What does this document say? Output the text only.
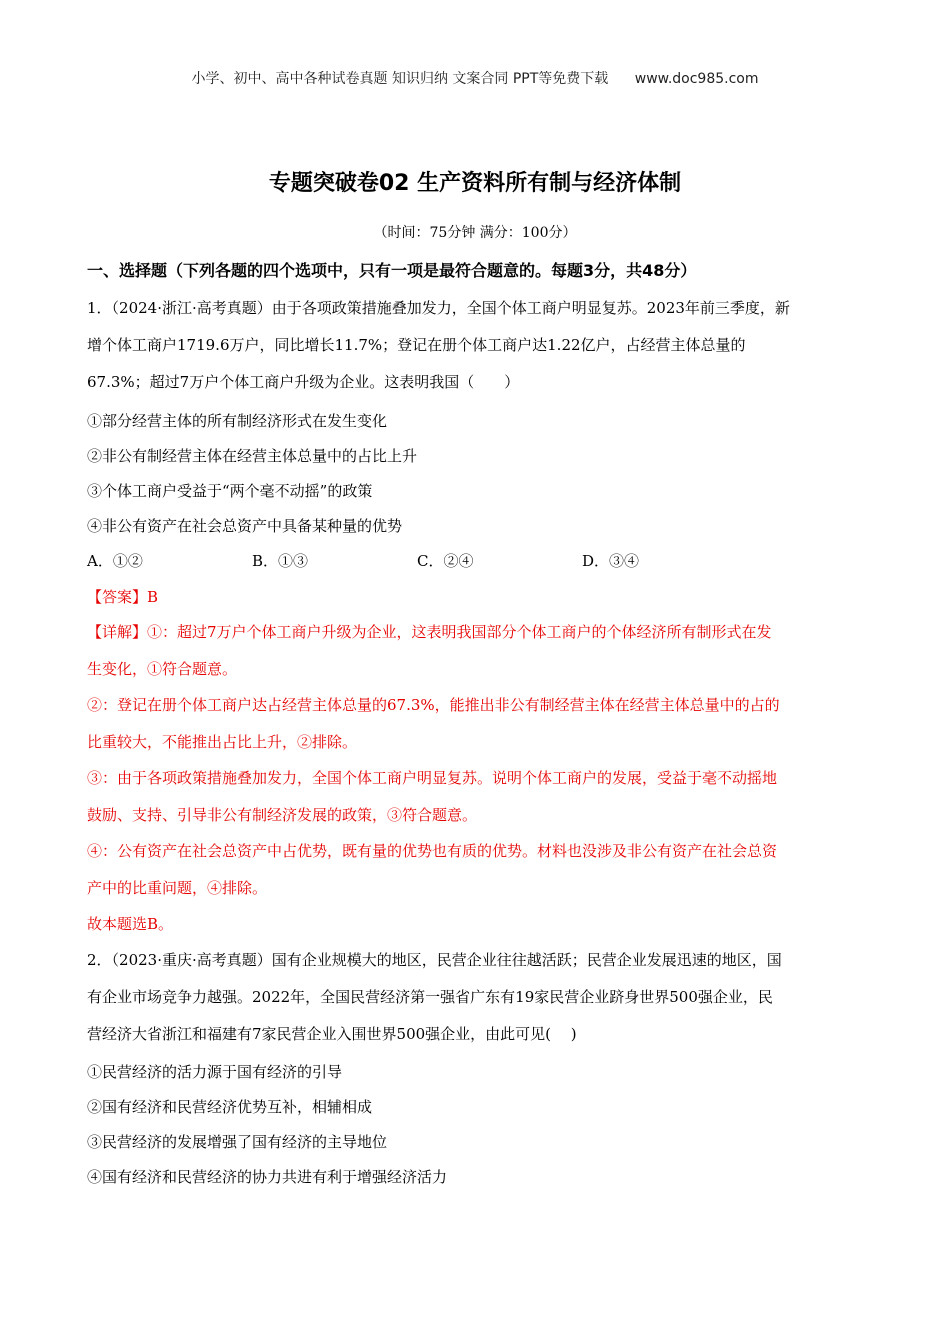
小学、初中、高中各种试卷真题 知识归纳 文案合同 PPT等免费下载 www.doc985.com
专题突破卷02 生产资料所有制与经济体制
（时间：75分钟 满分：100分）
一、选择题（下列各题的四个选项中，只有一项是最符合题意的。每题3分，共48分）
1．（2024·浙江·高考真题）由于各项政策措施叠加发力，全国个体工商户明显复苏。2023年前三季度，新
增个体工商户1719.6万户，同比增长11.7%；登记在册个体工商户达1.22亿户，占经营主体总量的
67.3%；超过7万户个体工商户升级为企业。这表明我国（　　）
①部分经营主体的所有制经济形式在发生变化
②非公有制经营主体在经营主体总量中的占比上升
③个体工商户受益于“两个毫不动摇”的政策
④非公有资产在社会总资产中具备某种量的优势
A．①②	B．①③	C．②④	D．③④
【答案】B
【详解】①：超过7万户个体工商户升级为企业，这表明我国部分个体工商户的个体经济所有制形式在发
生变化，①符合题意。
②：登记在册个体工商户达占经营主体总量的67.3%，能推出非公有制经营主体在经营主体总量中的占的
比重较大，不能推出占比上升，②排除。
③：由于各项政策措施叠加发力，全国个体工商户明显复苏。说明个体工商户的发展，受益于毫不动摇地
鼓励、支持、引导非公有制经济发展的政策，③符合题意。
④：公有资产在社会总资产中占优势，既有量的优势也有质的优势。材料也没涉及非公有资产在社会总资
产中的比重问题，④排除。
故本题选B。
2．（2023·重庆·高考真题）国有企业规模大的地区，民营企业往往越活跃；民营企业发展迅速的地区，国
有企业市场竞争力越强。2022年，全国民营经济第一强省广东有19家民营企业跻身世界500强企业，民
营经济大省浙江和福建有7家民营企业入围世界500强企业，由此可见(　 )
①民营经济的活力源于国有经济的引导
②国有经济和民营经济优势互补，相辅相成
③民营经济的发展增强了国有经济的主导地位
④国有经济和民营经济的协力共进有利于增强经济活力
